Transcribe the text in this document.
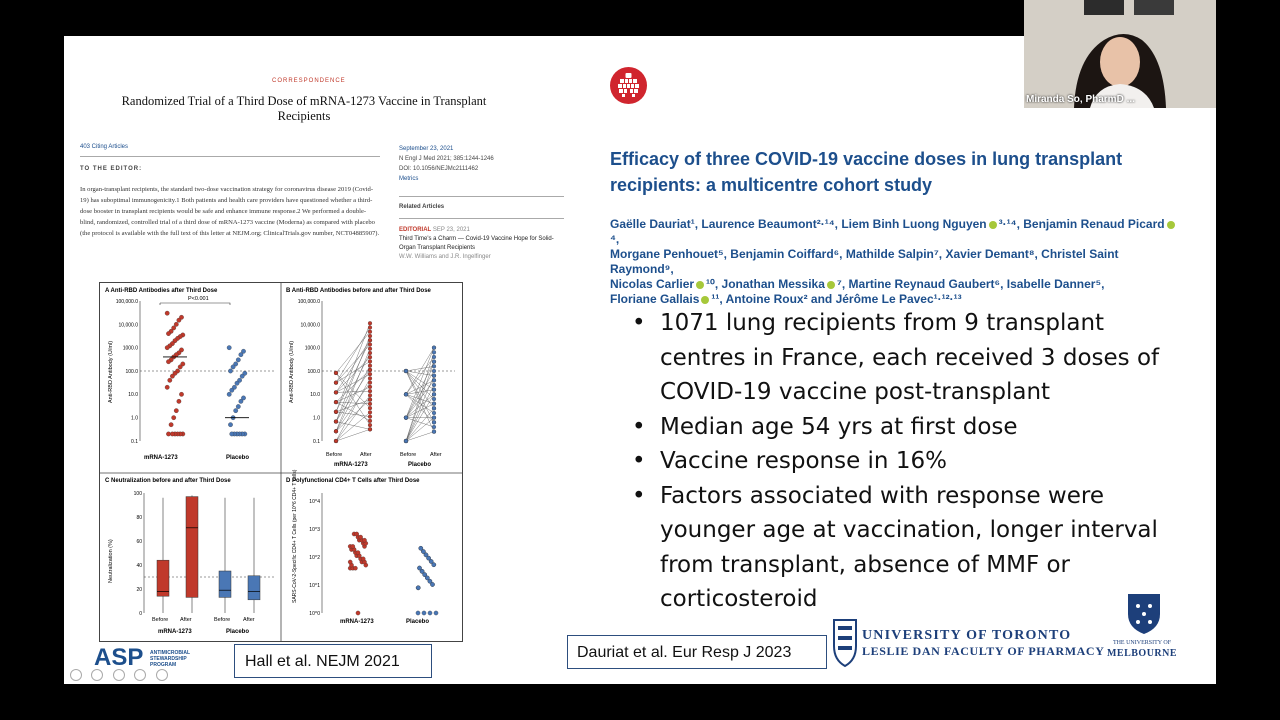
CORRESPONDENCE
Randomized Trial of a Third Dose of mRNA-1273 Vaccine in Transplant Recipients
403 Citing Articles
TO THE EDITOR:
In organ-transplant recipients, the standard two-dose vaccination strategy for coronavirus disease 2019 (Covid-19) has suboptimal immunogenicity.1 Both patients and health care providers have questioned whether a third-dose booster in transplant recipients would be safe and enhance immune response.2 We performed a double-blind, randomized, controlled trial of a third dose of mRNA-1273 vaccine (Moderna) as compared with placebo (the protocol is available with the full text of this letter at NEJM.org; ClinicalTrials.gov number, NCT04885907).
September 23, 2021
N Engl J Med 2021; 385:1244-1246
DOI: 10.1056/NEJMc2111462
Metrics
Related Articles
EDITORIAL SEP 23, 2021
Third Time's a Charm — Covid-19 Vaccine Hope for Solid-Organ Transplant Recipients
W.W. Williams and J.R. Ingelfinger
A Anti-RBD Antibodies after Third Dose	B Anti-RBD Antibodies before and after Third Dose
C Neutralization before and after Third Dose	D Polyfunctional CD4+ T Cells after Third Dose
Anti-RBD Antibody (U/ml)	Anti-RBD Antibody (U/ml)
Neutralization (%)	SARS-CoV-2-Specific CD4+ T Cells (per 10^6 CD4+ T cells)
P<0.001
mRNA-1273	Placebo
mRNA-1273	Placebo
Before	After	Before	After
Before After	Before After
mRNA-1273	Placebo
mRNA-1273	Placebo
100,000.0
10,000.0
1000.0
100.0
10.0
1.0
0.1
100,000.0
10,000.0
1000.0
100.0
10.0
1.0
0.1
100
80
60
40
20
0
10^4
10^3
10^2
10^1
10^0
ASP ANTIMICROBIAL
STEWARDSHIP
PROGRAM
	Hall et al. NEJM 2021
Dauriat et al. Eur Resp J 2023
Efficacy of three COVID-19 vaccine doses in lung transplant recipients: a multicentre cohort study
Gaëlle Dauriat¹, Laurence Beaumont²·¹⁴, Liem Binh Luong Nguyen ³·¹⁴, Benjamin Renaud Picard⁴,
Morgane Penhouet⁵, Benjamin Coiffard⁶, Mathilde Salpin⁷, Xavier Demant⁸, Christel Saint Raymond⁹,
Nicolas Carlier ¹⁰, Jonathan Messika ⁷, Martine Reynaud Gaubert⁶, Isabelle Danner⁵,
Floriane Gallais ¹¹, Antoine Roux² and Jérôme Le Pavec¹·¹²·¹³
• 1071 lung recipients from 9 transplant centres in France, each received 3 doses of COVID-19 vaccine post-transplant
• Median age 54 yrs at first dose
• Vaccine response in 16%
• Factors associated with response were younger age at vaccination, longer interval from transplant, absence of MMF or corticosteroid
UNIVERSITY OF TORONTO
LESLIE DAN FACULTY OF PHARMACY
THE UNIVERSITY OF
MELBOURNE
Miranda So, PharmD ...
